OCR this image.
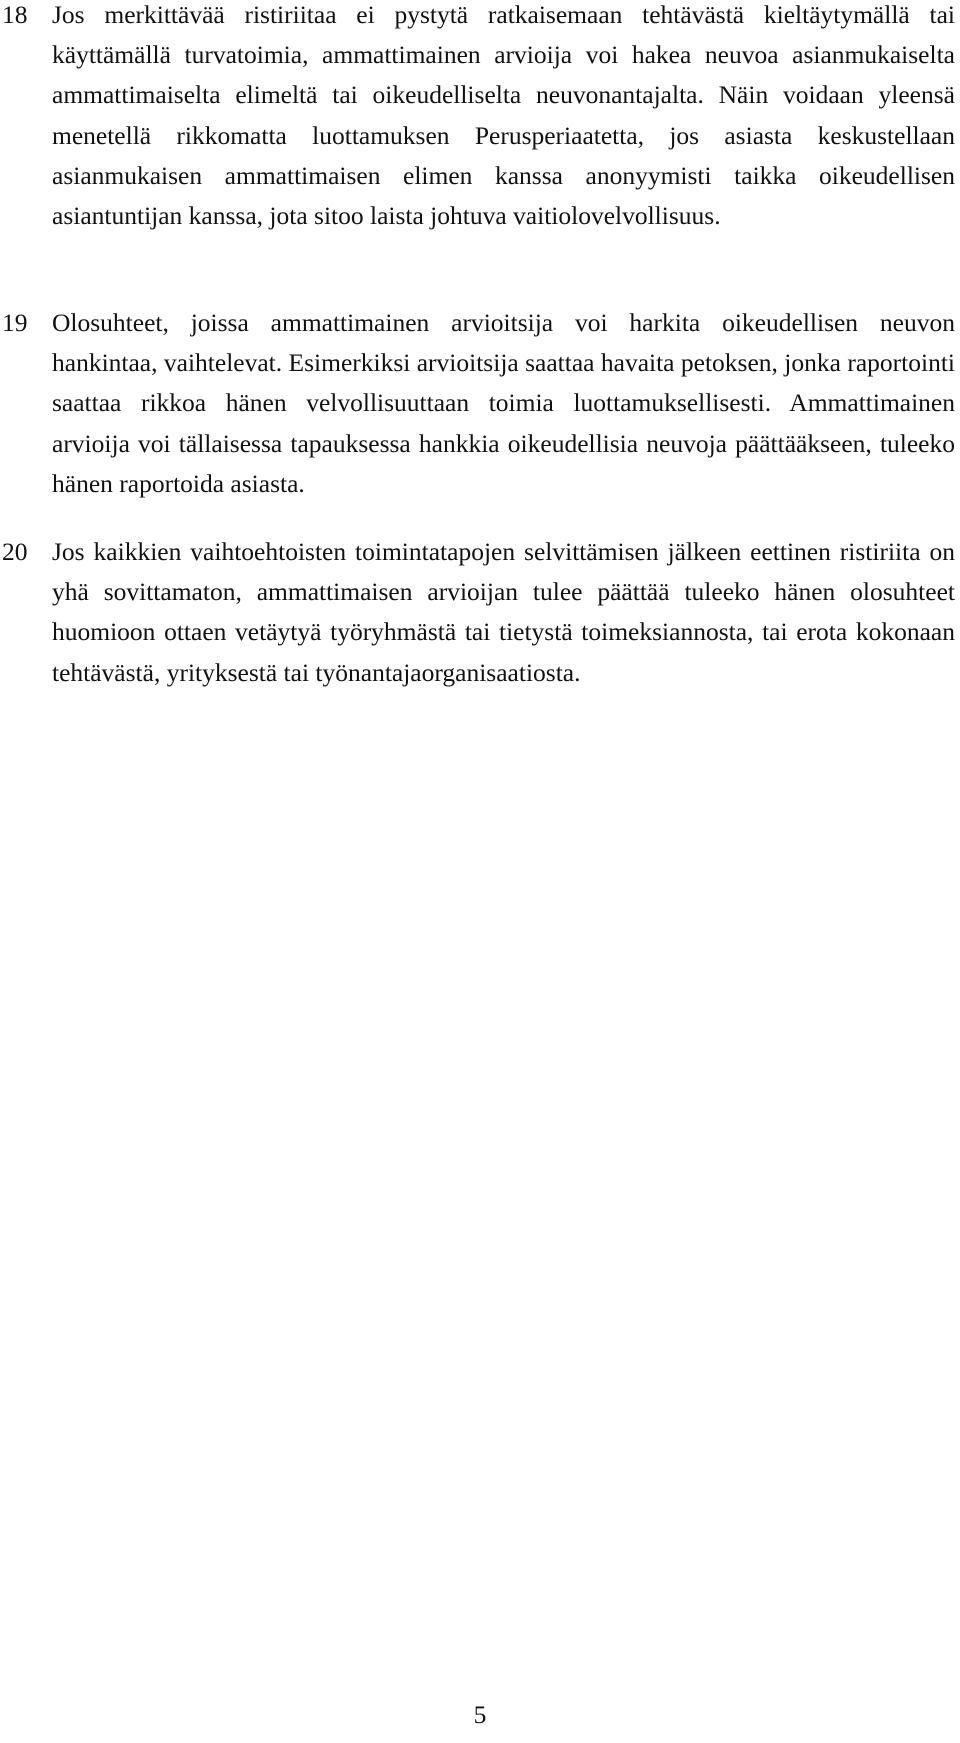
18 Jos merkittävää ristiriitaa ei pystytä ratkaisemaan tehtävästä kieltäytymällä tai käyttämällä turvatoimia, ammattimainen arvioija voi hakea neuvoa asianmukaiselta ammattimaiselta elimeltä tai oikeudelliselta neuvonantajalta. Näin voidaan yleensä menetellä rikkomatta luottamuksen Perusperiaatetta, jos asiasta keskustellaan asianmukaisen ammattimaisen elimen kanssa anonyymisti taikka oikeudellisen asiantuntijan kanssa, jota sitoo laista johtuva vaitiolovelvollisuus.
19 Olosuhteet, joissa ammattimainen arvioitsija voi harkita oikeudellisen neuvon hankintaa, vaihtelevat. Esimerkiksi arvioitsija saattaa havaita petoksen, jonka raportointi saattaa rikkoa hänen velvollisuuttaan toimia luottamuksellisesti. Ammattimainen arvioija voi tällaisessa tapauksessa hankkia oikeudellisia neuvoja päättääkseen, tuleeko hänen raportoida asiasta.
20 Jos kaikkien vaihtoehtoisten toimintatapojen selvittämisen jälkeen eettinen ristiriita on yhä sovittamaton, ammattimaisen arvioijan tulee päättää tuleeko hänen olosuhteet huomioon ottaen vetäytyä työryhmästä tai tietystä toimeksiannosta, tai erota kokonaan tehtävästä, yrityksestä tai työnantajaorganisaatiosta.
5
